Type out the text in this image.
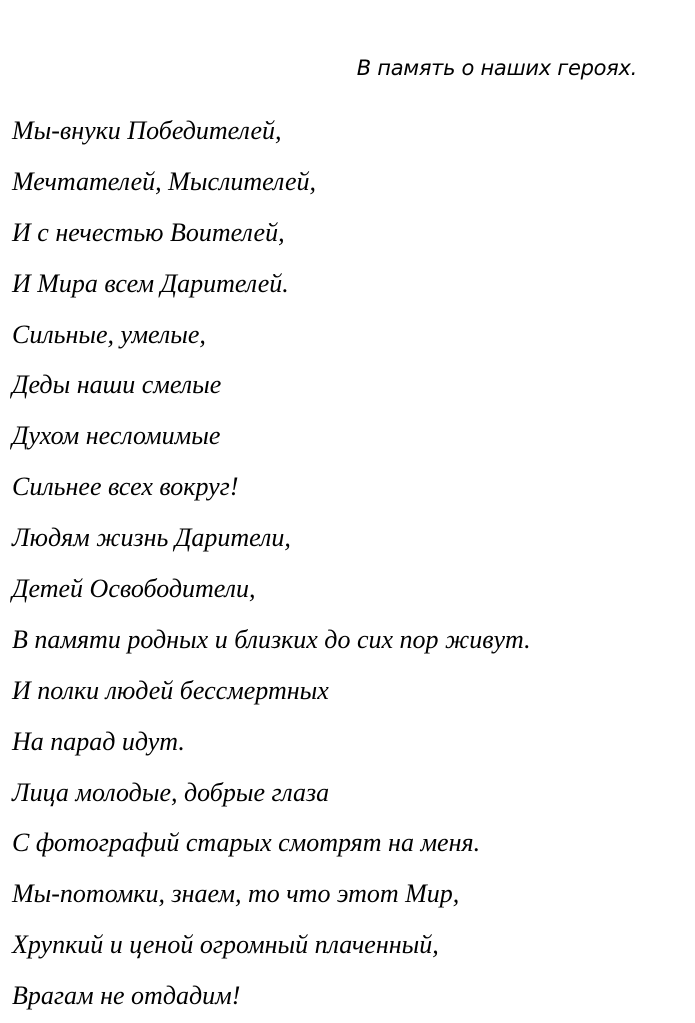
В память о наших героях.
Мы-внуки Победителей,
Мечтателей, Мыслителей,
И с нечестью Воителей,
И Мира всем Дарителей.
Сильные, умелые,
Деды наши смелые
Духом несломимые
Сильнее всех вокруг!
Людям жизнь Дарители,
Детей Освободители,
В памяти родных и близких до сих пор живут.
И полки людей бессмертных
На парад идут.
Лица молодые, добрые глаза
С фотографий старых смотрят на меня.
Мы-потомки, знаем, то что этот Мир,
Хрупкий и ценой огромный плаченный,
Врагам не отдадим!
